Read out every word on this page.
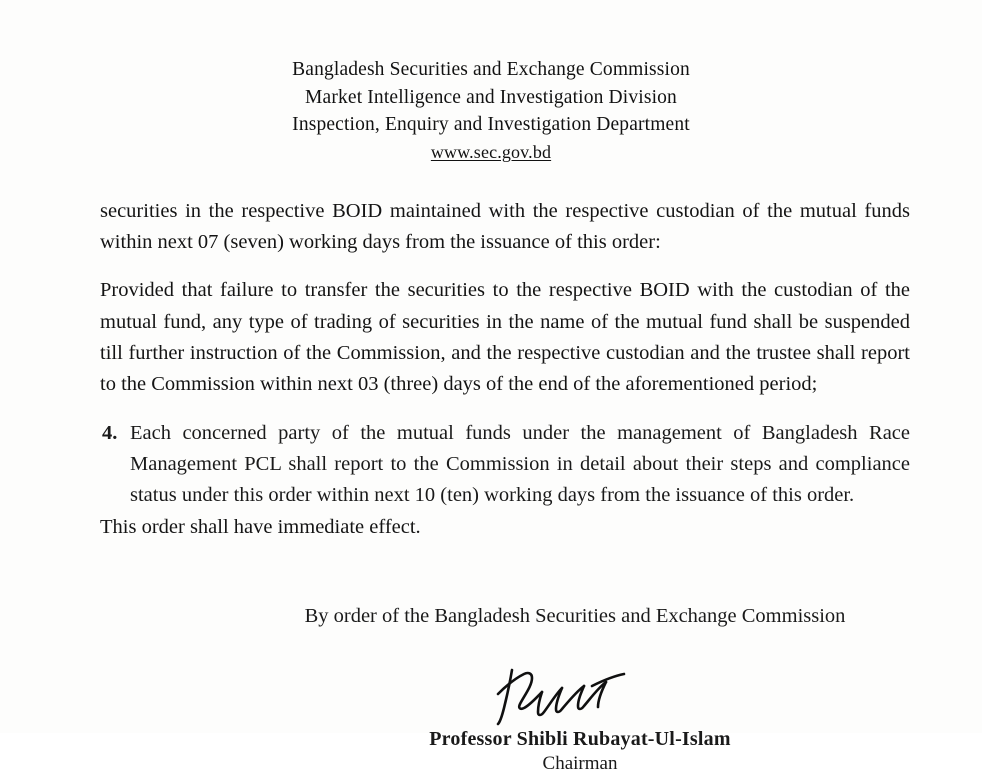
Bangladesh Securities and Exchange Commission
Market Intelligence and Investigation Division
Inspection, Enquiry and Investigation Department
www.sec.gov.bd

securities in the respective BOID maintained with the respective custodian of the mutual funds within next 07 (seven) working days from the issuance of this order:

Provided that failure to transfer the securities to the respective BOID with the custodian of the mutual fund, any type of trading of securities in the name of the mutual fund shall be suspended till further instruction of the Commission, and the respective custodian and the trustee shall report to the Commission within next 03 (three) days of the end of the aforementioned period;

4. Each concerned party of the mutual funds under the management of Bangladesh Race Management PCL shall report to the Commission in detail about their steps and compliance status under this order within next 10 (ten) working days from the issuance of this order.

This order shall have immediate effect.

By order of the Bangladesh Securities and Exchange Commission
Professor Shibli Rubayat-Ul-Islam
Chairman
